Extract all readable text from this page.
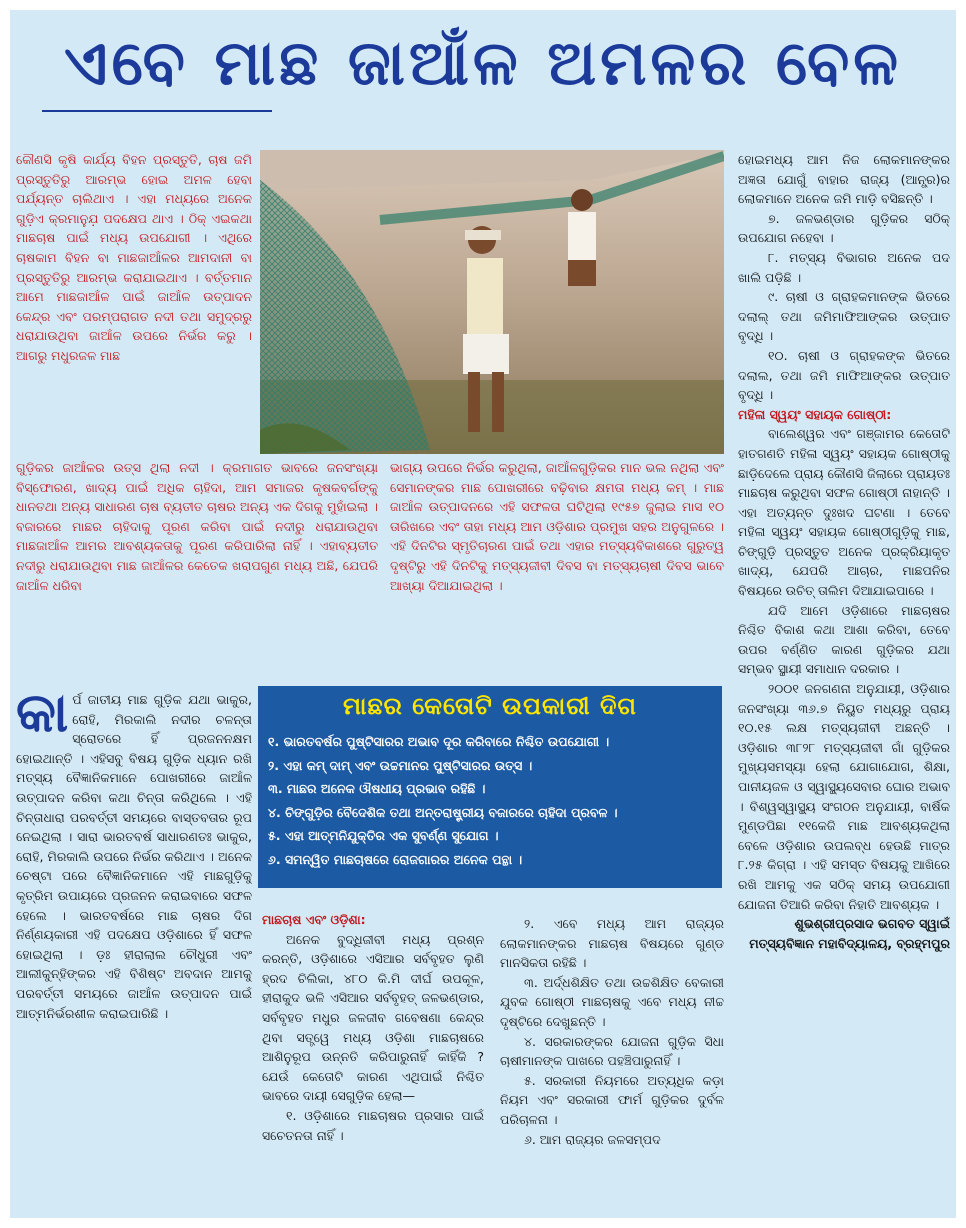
ଏବେ ମାଛ ଜାଆଁଳ ଅମଳର ବେଳ

କୌଣସି କୃଷି କାର୍ଯ୍ୟ ବିହନ ପ୍ରସ୍ତୁତି, ଚାଷ ଜମି ପ୍ରସ୍ତୁତିରୁ ଆରମ୍ଭ ହୋଇ ଅମଳ ହେବା ପର୍ଯ୍ୟନ୍ତ ଚାଲିଥାଏ । ଏହା ମଧ୍ୟରେ ଅନେକ ଗୁଡ଼ିଏ କ୍ରମାନୁଯ଼ ପଦକ୍ଷେପ ଥାଏ । ଠିକ୍ ଏଇକଥା ମାଛଚାଷ ପାଇଁ ମଧ୍ୟ ଉପଯୋଗୀ । ଏଥିରେ ଚାଷକାମ ବିହନ ବା ମାଛଜାଆଁଳର ଆମଦାନୀ ବା ପ୍ରସ୍ତୁତିରୁ ଆରମ୍ଭ କରାଯାଇଥାଏ । ବର୍ତ୍ତମାନ ଆମେ ମାଛଜାଆଁଳ ପାଇଁ ଜାଆଁଳ ଉତ୍ପାଦନ କେନ୍ଦ୍ର ଏବଂ ପରମ୍ପରାଗତ ନଦୀ ତଥା ସମୁଦ୍ରରୁ ଧରାଯାଉଥିବା ଜାଆଁଳ ଉପରେ ନିର୍ଭର କରୁ । ଆଗରୁ ମଧୁରଜଳ ମାଛ

ଗୁଡ଼ିକର ଜାଆଁଳର ଉତ୍ସ ଥିଲା ନଦୀ । କ୍ରମାଗତ ଭାବରେ ଜନସଂଖ୍ୟା ବିସ୍ଫୋରଣ, ଖାଦ୍ୟ ପାଇଁ ଅଧିକ ଚାହିଦା, ଆମ ସମାଜର କୃଷକବର୍ଗଙ୍କୁ ଧାନତଥା ଅନ୍ୟ ସାଧାରଣ ଚାଷ ବ୍ୟତୀତ ଚାଷର ଅନ୍ୟ ଏକ ଦିଗକୁ ମୁହାଁଇଲା । ବଜାରରେ ମାଛର ଚାହିଦାକୁ ପୂରଣ କରିବା ପାଇଁ ନଦୀରୁ ଧରାଯାଉଥିବା ମାଛଜାଆଁଳ ଆମର ଆବଶ୍ୟକତାକୁ ପୂରଣ କରିପାରିଲା ନାହିଁ । ଏହାବ୍ୟତୀତ ନଦୀରୁ ଧରାଯାଉଥିବା ମାଛ ଜାଆଁଳର କେତେକ ଖରାପଗୁଣ ମଧ୍ୟ ଅଛି, ଯେପରି ଜାଆଁଳ ଧରିବା

ଭାଗ୍ୟ ଉପରେ ନିର୍ଭର କରୁଥିଲା, ଜାଆଁଳଗୁଡ଼ିକର ମାନ ଭଲ ନଥିଲା ଏବଂ ସେମାନଙ୍କର ମାଛ ପୋଖରୀରେ ବଢ଼ିବାର କ୍ଷମତା ମଧ୍ୟ କମ୍ । ମାଛ ଜାଆଁଳ ଉତ୍ପାଦନରେ ଏହି ସଫଳତା ଘଟିଥିଲା ୧୯୫୭ ଜୁଲାଇ ମାସ ୧୦ ତାରିଖରେ ଏବଂ ତାହା ମଧ୍ୟ ଆମ ଓଡ଼ିଶାର ପ୍ରମୁଖ ସହର ଅନୁଗୁଳରେ । ଏହି ଦିନଟିର ସ୍ମୃତିଚାରଣ ପାଇଁ ତଥା ଏହାର ମତ୍ସ୍ୟବିକାଶରେ ଗୁରୁତ୍ୱ ଦୃଷ୍ଟିରୁ ଏହି ଦିନଟିକୁ ମତ୍ସ୍ୟଜୀବୀ ଦିବସ ବା ମତ୍ସ୍ୟଚାଷୀ ଦିବସ ଭାବେ ଆଖ୍ୟା ଦିଆଯାଇଥିଲା ।

ହୋଇମଧ୍ୟ ଆମ ନିଜ ଲୋକମାନଙ୍କର ଅଜ୍ଞତା ଯୋଗୁଁ ବାହାର ରାଜ୍ୟ (ଆନ୍ଧ୍ର)ର ଲୋକମାନେ ଅନେକ ଜମି ମାଡ଼ି ବସିଛନ୍ତି ।

୭. ଜଳଭଣ୍ଡାର ଗୁଡ଼ିକର ସଠିକ୍ ଉପଯୋଗ ନହେବା ।

୮. ମତ୍ସ୍ୟ ବିଭାଗର ଅନେକ ପଦ ଖାଲି ପଡ଼ିଛି ।

୯. ଚାଷୀ ଓ ଗ୍ରାହକମାନଙ୍କ ଭିତରେ ଦଲାଲ୍ ତଥା ଜମିମାଫିଆଙ୍କର ଉତ୍ପାତ ବୃଦ୍ଧି ।

୧୦. ଚାଷୀ ଓ ଗ୍ରାହକଙ୍କ ଭିତରେ ଦଲାଲ, ତଥା ଜମି ମାଫିଆଙ୍କର ଉତ୍ପାତ ବୃଦ୍ଧି ।

ମହିଳା ସ୍ୱୟଂ ସହାୟକ ଗୋଷ୍ଠୀ:

ବାଲେଶ୍ୱର ଏବଂ ଗଞ୍ଜାମର କେତୋଟି ହାତଗଣତି ମହିଳା ସ୍ୱୟଂ ସହାୟକ ଗୋଷ୍ଠୀକୁ ଛାଡ଼ିଦେଲେ ପ୍ରାୟ କୌଣସି ଜିଲାରେ ପ୍ରାୟତଃ ମାଛଚାଷ କରୁଥିବା ସଫଳ ଗୋଷ୍ଠୀ ନାହାନ୍ତି । ଏହା ଅତ୍ୟନ୍ତ ଦୁଃଖଦ ଘଟଣା । ତେବେ ମହିଳା ସ୍ୱୟଂ ସହାୟକ ଗୋଷ୍ଠୀଗୁଡ଼ିକୁ ମାଛ, ଚିଙ୍ଗୁଡ଼ି ପ୍ରସ୍ତୁତ ଅନେକ ପ୍ରକ୍ରିୟାକୃତ ଖାଦ୍ୟ, ଯେପରି ଆଚାର, ମାଛପନିର ବିଷୟରେ ଉଚିତ୍ ତାଲିମ ଦିଆଯାଇପାରେ ।

ଯଦି ଆମେ ଓଡ଼ିଶାରେ ମାଛଚାଷର ନିଶ୍ଚିତ ବିକାଶ କଥା ଆଶା କରିବା, ତେବେ ଉପର ବର୍ଣ୍ଣିତ କାରଣ ଗୁଡ଼ିକର ଯଥା ସମ୍ଭବ ସ୍ଥାୟୀ ସମାଧାନ ଦରକାର ।

୨୦୦୧ ଜନଗଣନା ଅନୁଯାୟୀ, ଓଡ଼ିଶାର ଜନସଂଖ୍ୟା ୩୬.୭ ନିୟୁତ ମଧ୍ୟରୁ ପ୍ରାୟ ୧୦.୧୫ ଲକ୍ଷ ମତ୍ସ୍ୟଜୀବୀ ଅଛନ୍ତି । ଓଡ଼ିଶାର ୩୮୨୮ ମତ୍ସ୍ୟଜୀବୀ ଗାଁ ଗୁଡ଼ିକର ମୁଖ୍ୟସମସ୍ୟା ହେଲା ଯୋଗାଯୋଗ, ଶିକ୍ଷା, ପାନୀୟଜଳ ଓ ସ୍ୱାସ୍ଥ୍ୟସେବାର ଘୋର ଅଭାବ । ବିଶ୍ୱସ୍ୱାସ୍ଥ୍ୟ ସଂଗଠନ ଅନୁଯାୟୀ, ବାର୍ଷିକ ମୁଣ୍ଡପିଛା ୧୧କେଜି ମାଛ ଆବଶ୍ୟକଥିଲା ବେଳେ ଓଡ଼ିଶାର ଉପଲବ୍ଧ ହେଉଛି ମାତ୍ର ୮.୨୫ କିଗ୍ରା । ଏହି ସମସ୍ତ ବିଷୟକୁ ଆଖିରେ ରଖି ଆମକୁ ଏକ ସଠିକ୍ ସମୟ ଉପଯୋଗୀ ଯୋଜନା ତିଆରି କରିବା ନିହାତି ଆବଶ୍ୟକ ।

ଶୁଭଶ୍ରୀପ୍ରସାଦ ଭଗବତ ସ୍ୱାଇଁ

ମତ୍ସ୍ୟବିଜ୍ଞାନ ମହାବିଦ୍ୟାଳୟ, ବ୍ରହ୍ମପୁର

କା ର୍ପ ଜାତୀୟ ମାଛ ଗୁଡ଼ିକ ଯଥା ଭାକୁର, ରୋହି, ମିରକାଲି ନଦୀର ଚଳନ୍ତା ସ୍ରୋତରେ ହିଁ ପ୍ରଜନନକ୍ଷମ ହୋଇଥାନ୍ତି । ଏହିସବୁ ବିଷୟ ଗୁଡ଼ିକ ଧ୍ୟାନ ରଖି ମତ୍ସ୍ୟ ବୈଜ୍ଞାନିକମାନେ ପୋଖରୀରେ ଜାଆଁଳ ଉତ୍ପାଦନ କରିବା କଥା ଚିନ୍ତା କରିଥିଲେ । ଏହି ଚିନ୍ତାଧାରା ପରବର୍ତ୍ତୀ ସମୟରେ ବାସ୍ତବତାର ରୂପ ନେଇଥିଲା । ସାରା ଭାରତବର୍ଷ ସାଧାରଣତଃ ଭାକୁର, ରୋହି, ମିରକାଲି ଉପରେ ନିର୍ଭର କରିଥାଏ । ଅନେକ ଚେଷ୍ଟା ପରେ ବୈଜ୍ଞାନିକମାନେ ଏହି ମାଛଗୁଡ଼ିକୁ କୃତ୍ରିମ ଉପାୟରେ ପ୍ରଜନନ କରାଇବାରେ ସଫଳ ହେଲେ । ଭାରତବର୍ଷରେ ମାଛ ଚାଷର ଦିଗ ନିର୍ଣ୍ଣୟକାରୀ ଏହି ପଦକ୍ଷେପ ଓଡ଼ିଶାରେ ହିଁ ସଫଳ ହୋଇଥିଲା । ଡ଼ଃ ହୀରାଲାଲ ଚୌଧୁରୀ ଏବଂ ଆଲୀକୁନ୍ହିଙ୍କର ଏହି ବିଶିଷ୍ଟ ଅବଦାନ ଆମକୁ ପରବର୍ତ୍ତୀ ସମୟରେ ଜାଆଁଳ ଉତ୍ପାଦନ ପାଇଁ ଆତ୍ମନିର୍ଭରଶୀଳ କରାଇପାରିଛି ।
ମାଛର କେତୋଟି ଉପକାରୀ ଦିଗ
୧. ଭାରତବର୍ଷର ପୁଷ୍ଟିସାରର ଅଭାବ ଦୂର କରିବାରେ ନିଶ୍ଚିତ ଉପଯୋଗୀ ।
୨. ଏହା କମ୍ ଦାମ୍ ଏବଂ ଉଚ୍ଚମାନର ପୁଷ୍ଟିସାରର ଉତ୍ସ ।
୩. ମାଛର ଅନେକ ଔଷଧୀୟ ପ୍ରଭାବ ରହିଛି ।
୪. ଚିଙ୍ଗୁଡ଼ିର ବୈଦେଶିକ ତଥା ଅନ୍ତରାଷ୍ଟ୍ରୀୟ ବଜାରରେ ଚାହିଦା ପ୍ରବଳ ।
୫. ଏହା ଆତ୍ମନିଯୁକ୍ତିର ଏକ ସୁବର୍ଣ୍ଣ ସୁଯୋଗ ।
୬. ସମନ୍ୱିତ ମାଛଚାଷରେ ରୋଜଗାରର ଅନେକ ପନ୍ଥା ।

ମାଛଚାଷ ଏବଂ ଓଡ଼ିଶା:

ଅନେକ ବୁଦ୍ଧିଜୀବୀ ମଧ୍ୟ ପ୍ରଶ୍ନ କରନ୍ତି, ଓଡ଼ିଶାରେ ଏସିଆର ସର୍ବବୃହତ ଲୁଣି ହ୍ରଦ ଚିଲିକା, ୪୮୦ କି.ମି ଦୀର୍ଘ ଉପକୂଳ, ହୀରାକୁଦ ଭଳି ଏସିଆର ସର୍ବବୃହତ୍ ଜଳଭଣ୍ଡାର, ସର୍ବବୃହତ ମଧୁର ଜଳଜୀବ ଗବେଷଣା କେନ୍ଦ୍ର ଥିବା ସତ୍ତ୍ୱେ ମଧ୍ୟ ଓଡ଼ିଶା ମାଛଚାଷରେ ଆଶିନୁରୂପ ଉନ୍ନତି କରିପାରୁନାହିଁ କାହିଁକି ? ଯେଉଁ କେତୋଟି କାରଣ ଏଥିପାଇଁ ନିଶ୍ଚିତ ଭାବରେ ଦାୟୀ ସେଗୁଡ଼ିକ ହେଲା—

୧. ଓଡ଼ିଶାରେ ମାଛଚାଷର ପ୍ରସାର ପାଇଁ ସଚେତନତା ନାହିଁ ।

୨. ଏବେ ମଧ୍ୟ ଆମ ରାଜ୍ୟର ଲୋକମାନଙ୍କର ମାଛଚାଷ ବିଷୟରେ ଗୁଣ୍ଡ ମାନସିକତା ରହିଛି ।

୩. ଅର୍ଦ୍ଧଶିକ୍ଷିତ ତଥା ଉଚ୍ଚଶିକ୍ଷିତ ବେକାରୀ ଯୁବକ ଗୋଷ୍ଠୀ ମାଛଚାଷକୁ ଏବେ ମଧ୍ୟ ନୀଚ୍ଚ ଦୃଷ୍ଟିରେ ଦେଖୁଛନ୍ତି ।

୪. ସରକାରଙ୍କର ଯୋଜନା ଗୁଡ଼ିକ ସିଧା ଚାଷୀମାନଙ୍କ ପାଖରେ ପହଞ୍ଚିପାରୁନାହିଁ ।

୫. ସରକାରୀ ନିୟମରେ ଅତ୍ୟଧିକ କଡ଼ା ନିୟମ ଏବଂ ସରକାରୀ ଫାର୍ମ ଗୁଡ଼ିକର ଦୁର୍ବଳ ପରିଚାଳନା ।

୬. ଆମ ରାଜ୍ୟର ଜଳସମ୍ପଦ
